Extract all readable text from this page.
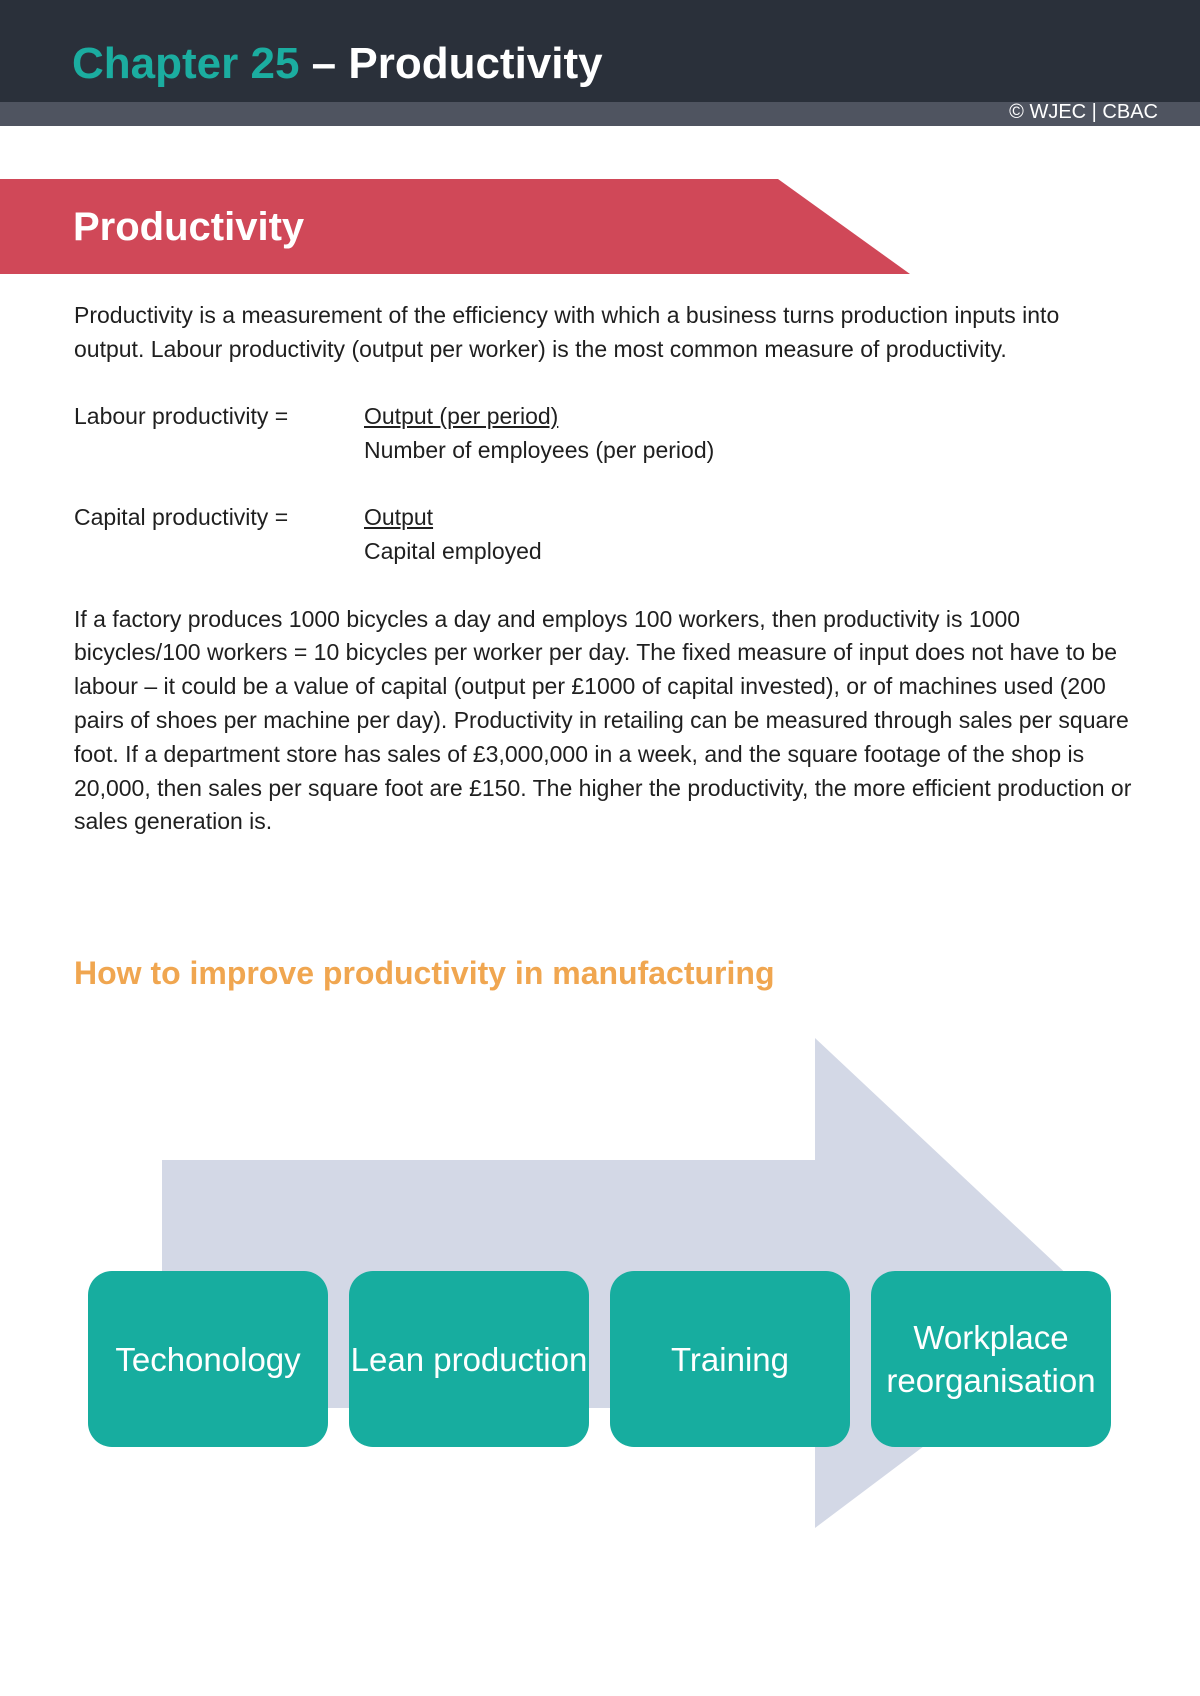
Chapter 25 – Productivity
© WJEC | CBAC
Productivity

Productivity is a measurement of the efficiency with which a business turns production inputs into output. Labour productivity (output per worker) is the most common measure of productivity.

Labour productivity =	Output (per period)
Number of employees (per period)
Capital productivity =	Output
Capital employed

If a factory produces 1000 bicycles a day and employs 100 workers, then productivity is 1000 bicycles/100 workers = 10 bicycles per worker per day. The fixed measure of input does not have to be labour – it could be a value of capital (output per £1000 of capital invested), or of machines used (200 pairs of shoes per machine per day). Productivity in retailing can be measured through sales per square foot. If a department store has sales of £3,000,000 in a week, and the square footage of the shop is 20,000, then sales per square foot are £150. The higher the productivity, the more efficient production or sales generation is.

How to improve productivity in manufacturing
Techonology	Lean production	Training
Workplace reorganisation
